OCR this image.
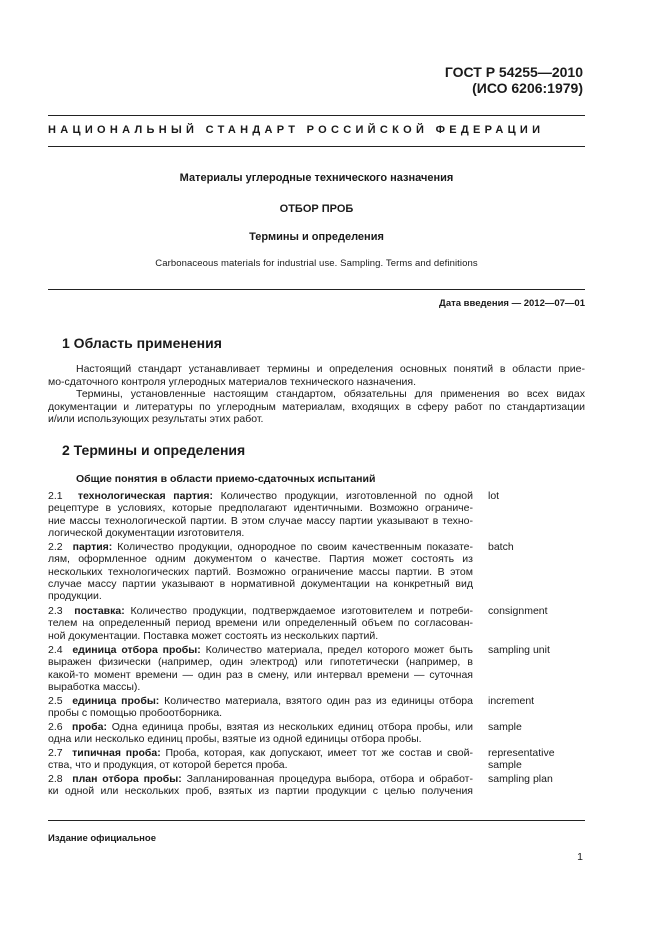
ГОСТ Р 54255—2010
(ИСО 6206:1979)
НАЦИОНАЛЬНЫЙ СТАНДАРТ РОССИЙСКОЙ ФЕДЕРАЦИИ
Материалы углеродные технического назначения
ОТБОР ПРОБ
Термины и определения
Carbonaceous materials for industrial use. Sampling. Terms and definitions
Дата введения — 2012—07—01
1 Область применения
Настоящий стандарт устанавливает термины и определения основных понятий в области прие-
мо-сдаточного контроля углеродных материалов технического назначения.
Термины, установленные настоящим стандартом, обязательны для применения во всех видах
документации и литературы по углеродным материалам, входящих в сферу работ по стандартизации
и/или использующих результаты этих работ.
2 Термины и определения
Общие понятия в области приемо-сдаточных испытаний
2.1 технологическая партия: Количество продукции, изготовленной по одной
рецептуре в условиях, которые предполагают идентичными. Возможно ограниче-
ние массы технологической партии. В этом случае массу партии указывают в техно-
логической документации изготовителя.
lot
2.2 партия: Количество продукции, однородное по своим качественным показате-
лям, оформленное одним документом о качестве. Партия может состоять из
нескольких технологических партий. Возможно ограничение массы партии. В этом
случае массу партии указывают в нормативной документации на конкретный вид
продукции.
batch
2.3 поставка: Количество продукции, подтверждаемое изготовителем и потреби-
телем на определенный период времени или определенный объем по согласован-
ной документации. Поставка может состоять из нескольких партий.
consignment
2.4 единица отбора пробы: Количество материала, предел которого может быть
выражен физически (например, один электрод) или гипотетически (например, в
какой-то момент времени — один раз в смену, или интервал времени — суточная
выработка массы).
sampling unit
2.5 единица пробы: Количество материала, взятого один раз из единицы отбора
пробы с помощью пробоотборника.
increment
2.6 проба: Одна единица пробы, взятая из нескольких единиц отбора пробы, или
одна или несколько единиц пробы, взятые из одной единицы отбора пробы.
sample
2.7 типичная проба: Проба, которая, как допускают, имеет тот же состав и свой-
ства, что и продукция, от которой берется проба.
representative
sample
2.8 план отбора пробы: Запланированная процедура выбора, отбора и обработ-
ки одной или нескольких проб, взятых из партии продукции с целью получения
sampling plan
Издание официальное
1
